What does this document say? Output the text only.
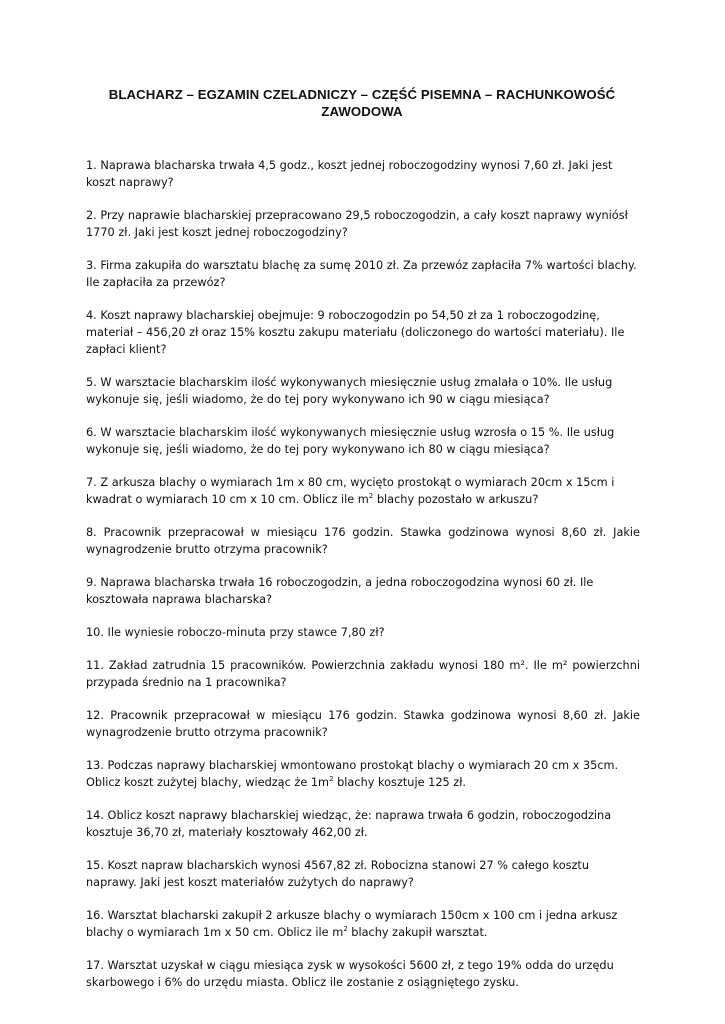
BLACHARZ – EGZAMIN CZELADNICZY – CZĘŚĆ PISEMNA – RACHUNKOWOŚĆ
ZAWODOWA

1. Naprawa blacharska trwała 4,5 godz., koszt jednej roboczogodziny wynosi 7,60 zł. Jaki jest koszt naprawy?

2. Przy naprawie blacharskiej przepracowano 29,5 roboczogodzin, a cały koszt naprawy wyniósł 1770 zł. Jaki jest koszt jednej roboczogodziny?

3. Firma zakupiła do warsztatu blachę za sumę 2010 zł. Za przewóz zapłaciła 7% wartości blachy. Ile zapłaciła za przewóz?

4. Koszt naprawy blacharskiej obejmuje: 9 roboczogodzin po 54,50 zł za 1 roboczogodzinę, materiał – 456,20 zł oraz 15% kosztu zakupu materiału (doliczonego do wartości materiału). Ile zapłaci klient?

5. W warsztacie blacharskim ilość wykonywanych miesięcznie usług zmalała o 10%. Ile usług wykonuje się, jeśli wiadomo, że do tej pory wykonywano ich 90 w ciągu miesiąca?

6. W warsztacie blacharskim ilość wykonywanych miesięcznie usług wzrosła o 15 %. Ile usług wykonuje się, jeśli wiadomo, że do tej pory wykonywano ich 80 w ciągu miesiąca?

7. Z arkusza blachy o wymiarach 1m x 80 cm, wycięto prostokąt o wymiarach 20cm x 15cm i kwadrat o wymiarach 10 cm x 10 cm. Oblicz ile $m^2$ blachy pozostało w arkuszu?

8. Pracownik przepracował w miesiącu 176 godzin. Stawka godzinowa wynosi 8,60 zł. Jakie wynagrodzenie brutto otrzyma pracownik?

9. Naprawa blacharska trwała 16 roboczogodzin, a jedna roboczogodzina wynosi 60 zł. Ile kosztowała naprawa blacharska?

10. Ile wyniesie roboczo-minuta przy stawce 7,80 zł?

11. Zakład zatrudnia 15 pracowników. Powierzchnia zakładu wynosi 180 m². Ile m² powierzchni przypada średnio na 1 pracownika?

12. Pracownik przepracował w miesiącu 176 godzin. Stawka godzinowa wynosi 8,60 zł. Jakie wynagrodzenie brutto otrzyma pracownik?

13. Podczas naprawy blacharskiej wmontowano prostokąt blachy o wymiarach 20 cm x 35cm. Oblicz koszt zużytej blachy, wiedząc że $1m^2$ blachy kosztuje 125 zł.

14. Oblicz koszt naprawy blacharskiej wiedząc, że: naprawa trwała 6 godzin, roboczogodzina kosztuje 36,70 zł, materiały kosztowały 462,00 zł.

15. Koszt napraw blacharskich wynosi 4567,82 zł. Robocizna stanowi 27 % całego kosztu naprawy. Jaki jest koszt materiałów zużytych do naprawy?

16. Warsztat blacharski zakupił 2 arkusze blachy o wymiarach 150cm x 100 cm i jedna arkusz blachy o wymiarach 1m x 50 cm. Oblicz ile $m^2$ blachy zakupił warsztat.

17. Warsztat uzyskał w ciągu miesiąca zysk w wysokości 5600 zł, z tego 19% odda do urzędu skarbowego i 6% do urzędu miasta. Oblicz ile zostanie z osiągniętego zysku.
